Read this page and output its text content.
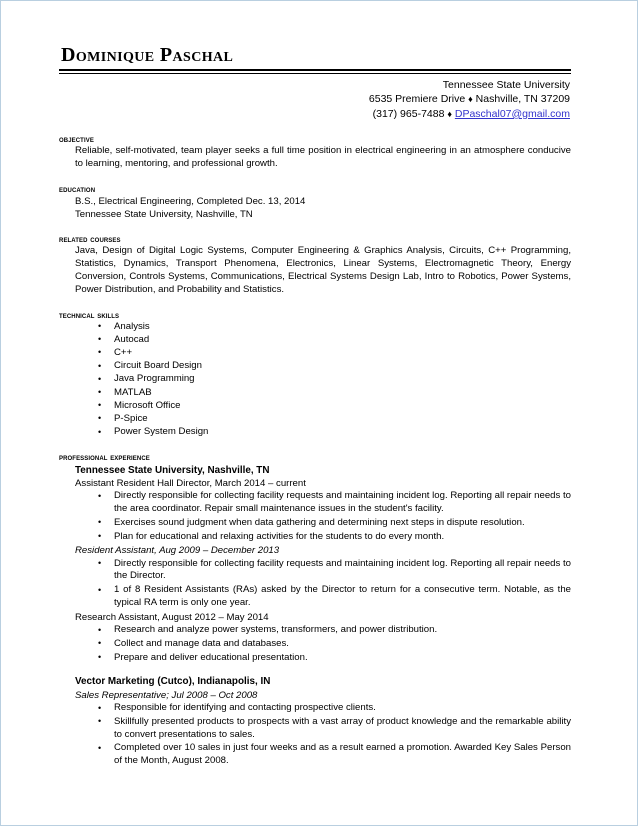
Dominique Paschal
Tennessee State University
6535 Premiere Drive ♦ Nashville, TN 37209
(317) 965-7488 ♦ DPaschal07@gmail.com
objective
Reliable, self-motivated, team player seeks a full time position in electrical engineering in an atmosphere conducive to learning, mentoring, and professional growth.
education
B.S., Electrical Engineering, Completed Dec. 13, 2014
Tennessee State University, Nashville, TN
related courses
Java, Design of Digital Logic Systems, Computer Engineering & Graphics Analysis, Circuits, C++ Programming, Statistics, Dynamics, Transport Phenomena, Electronics, Linear Systems, Electromagnetic Theory, Energy Conversion, Controls Systems, Communications, Electrical Systems Design Lab, Intro to Robotics, Power Systems, Power Distribution, and Probability and Statistics.
technical skills
• Analysis
• Autocad
• C++
• Circuit Board Design
• Java Programming
• MATLAB
• Microsoft Office
• P-Spice
• Power System Design
professional experience
Tennessee State University, Nashville, TN
Assistant Resident Hall Director, March 2014 – current
• Directly responsible for collecting facility requests and maintaining incident log. Reporting all repair needs to the area coordinator. Repair small maintenance issues in the student's facility.
• Exercises sound judgment when data gathering and determining next steps in dispute resolution.
• Plan for educational and relaxing activities for the students to do every month.
Resident Assistant, Aug 2009 – December 2013
• Directly responsible for collecting facility requests and maintaining incident log. Reporting all repair needs to the Director.
• 1 of 8 Resident Assistants (RAs) asked by the Director to return for a consecutive term. Notable, as the typical RA term is only one year.
Research Assistant, August 2012 – May 2014
• Research and analyze power systems, transformers, and power distribution.
• Collect and manage data and databases.
• Prepare and deliver educational presentation.
Vector Marketing (Cutco), Indianapolis, IN
Sales Representative; Jul 2008 – Oct 2008
• Responsible for identifying and contacting prospective clients.
• Skillfully presented products to prospects with a vast array of product knowledge and the remarkable ability to convert presentations to sales.
• Completed over 10 sales in just four weeks and as a result earned a promotion. Awarded Key Sales Person of the Month, August 2008.
